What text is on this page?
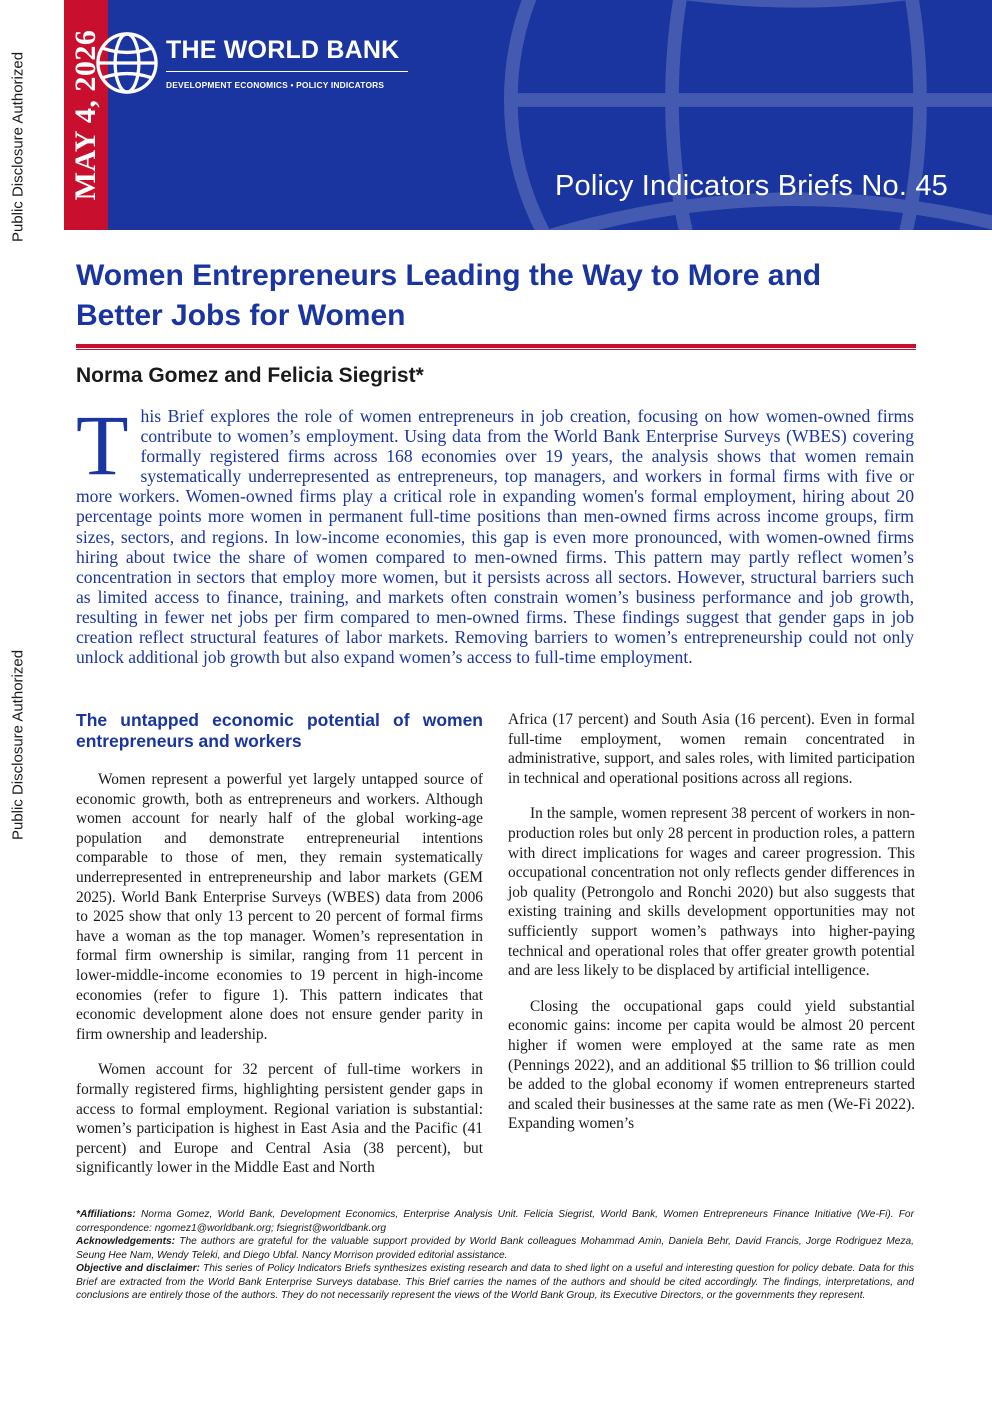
MAY 4, 2026	THE WORLD BANK
DEVELOPMENT ECONOMICS • POLICY INDICATORS
Policy Indicators Briefs No. 45
Public Disclosure Authorized
Public Disclosure Authorized
Women Entrepreneurs Leading the Way to More and Better Jobs for Women

Norma Gomez and Felicia Siegrist*

This Brief explores the role of women entrepreneurs in job creation, focusing on how women-owned firms contribute to women’s employment. Using data from the World Bank Enterprise Surveys (WBES) covering formally registered firms across 168 economies over 19 years, the analysis shows that women remain systematically underrepresented as entrepreneurs, top managers, and workers in formal firms with five or more workers. Women-owned firms play a critical role in expanding women's formal employment, hiring about 20 percentage points more women in permanent full-time positions than men-owned firms across income groups, firm sizes, sectors, and regions. In low-income economies, this gap is even more pronounced, with women-owned firms hiring about twice the share of women compared to men-owned firms. This pattern may partly reflect women’s concentration in sectors that employ more women, but it persists across all sectors. However, structural barriers such as limited access to finance, training, and markets often constrain women’s business performance and job growth, resulting in fewer net jobs per firm compared to men-owned firms. These findings suggest that gender gaps in job creation reflect structural features of labor markets. Removing barriers to women’s entrepreneurship could not only unlock additional job growth but also expand women’s access to full-time employment.

The untapped economic potential of women entrepreneurs and workers

Women represent a powerful yet largely untapped source of economic growth, both as entrepreneurs and workers. Although women account for nearly half of the global working-age population and demonstrate entrepreneurial intentions comparable to those of men, they remain systematically underrepresented in entrepreneurship and labor markets (GEM 2025). World Bank Enterprise Surveys (WBES) data from 2006 to 2025 show that only 13 percent to 20 percent of formal firms have a woman as the top manager. Women’s representation in formal firm ownership is similar, ranging from 11 percent in lower-middle-income economies to 19 percent in high-income economies (refer to figure 1). This pattern indicates that economic development alone does not ensure gender parity in firm ownership and leadership.

Women account for 32 percent of full-time workers in formally registered firms, highlighting persistent gender gaps in access to formal employment. Regional variation is substantial: women’s participation is highest in East Asia and the Pacific (41 percent) and Europe and Central Asia (38 percent), but significantly lower in the Middle East and North

Africa (17 percent) and South Asia (16 percent). Even in formal full-time employment, women remain concentrated in administrative, support, and sales roles, with limited participation in technical and operational positions across all regions.

In the sample, women represent 38 percent of workers in non-production roles but only 28 percent in production roles, a pattern with direct implications for wages and career progression. This occupational concentration not only reflects gender differences in job quality (Petrongolo and Ronchi 2020) but also suggests that existing training and skills development opportunities may not sufficiently support women’s pathways into higher-paying technical and operational roles that offer greater growth potential and are less likely to be displaced by artificial intelligence.

Closing the occupational gaps could yield substantial economic gains: income per capita would be almost 20 percent higher if women were employed at the same rate as men (Pennings 2022), and an additional $5 trillion to $6 trillion could be added to the global economy if women entrepreneurs started and scaled their businesses at the same rate as men (We-Fi 2022). Expanding women’s

*Affiliations: Norma Gomez, World Bank, Development Economics, Enterprise Analysis Unit. Felicia Siegrist, World Bank, Women Entrepreneurs Finance Initiative (We-Fi). For correspondence: ngomez1@worldbank.org; fsiegrist@worldbank.org

Acknowledgements: The authors are grateful for the valuable support provided by World Bank colleagues Mohammad Amin, Daniela Behr, David Francis, Jorge Rodriguez Meza, Seung Hee Nam, Wendy Teleki, and Diego Ubfal. Nancy Morrison provided editorial assistance.

Objective and disclaimer: This series of Policy Indicators Briefs synthesizes existing research and data to shed light on a useful and interesting question for policy debate. Data for this Brief are extracted from the World Bank Enterprise Surveys database. This Brief carries the names of the authors and should be cited accordingly. The findings, interpretations, and conclusions are entirely those of the authors. They do not necessarily represent the views of the World Bank Group, its Executive Directors, or the governments they represent.
